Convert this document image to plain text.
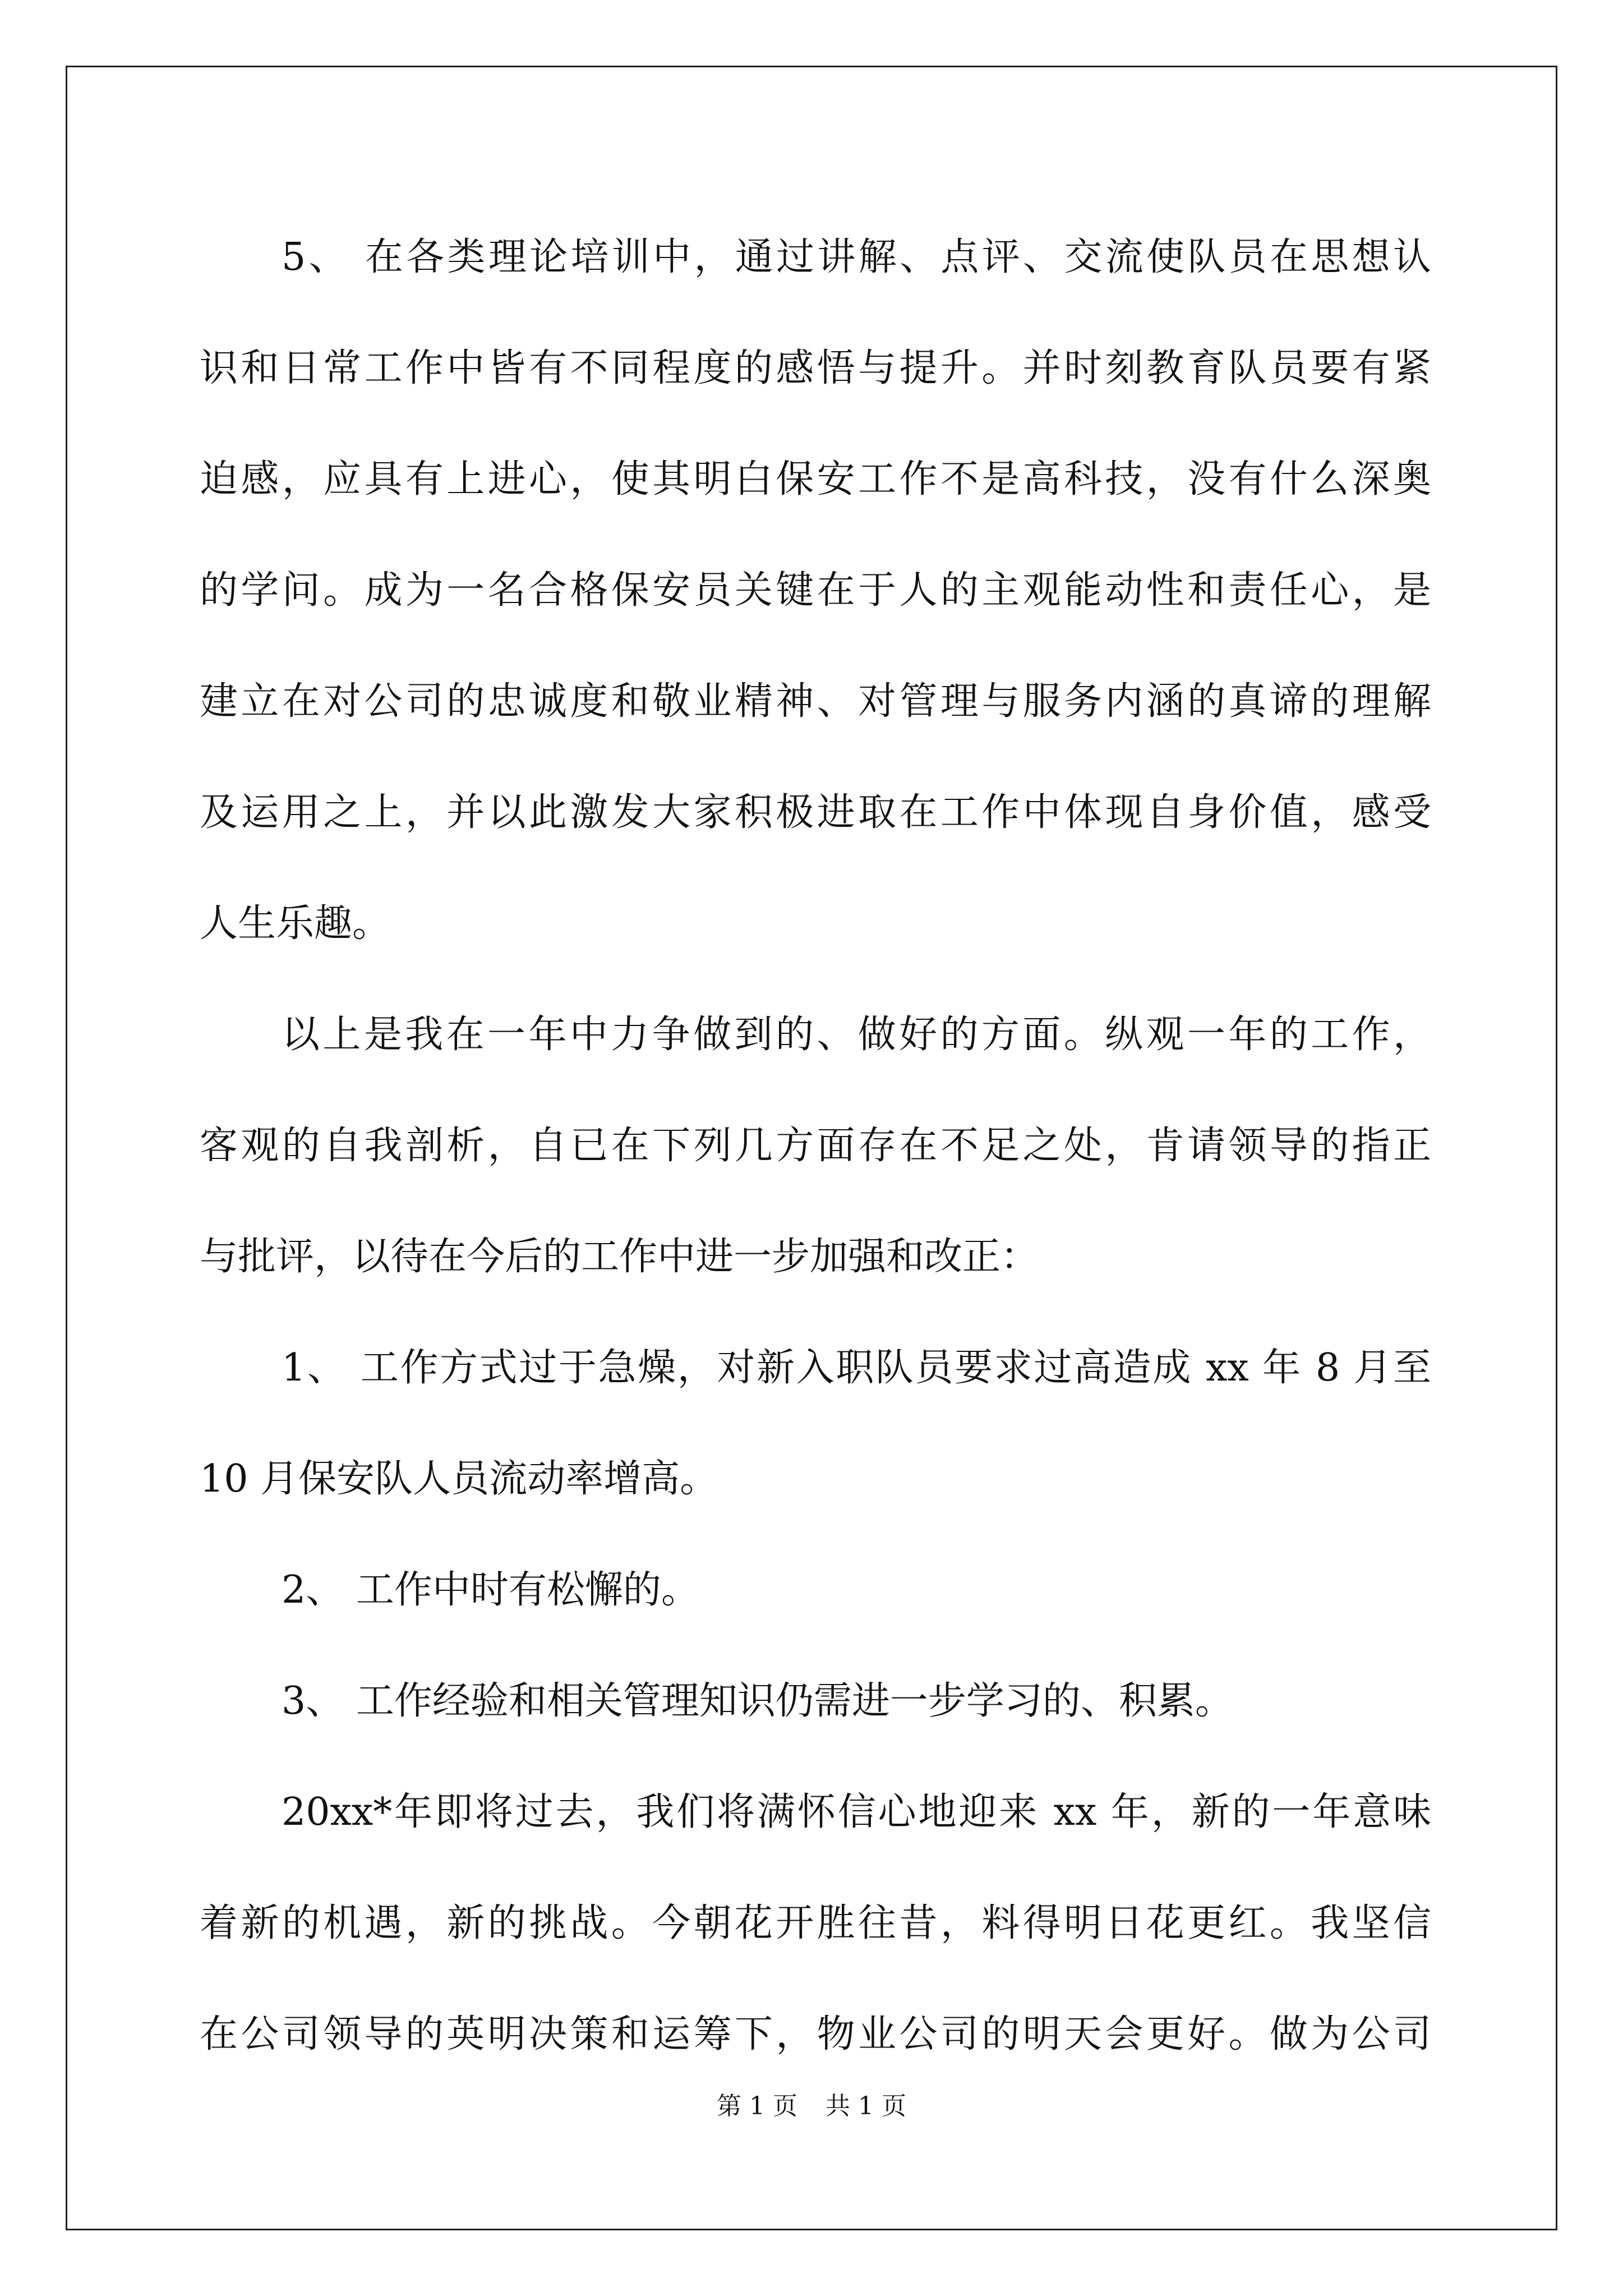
5、 在各类理论培训中，通过讲解、点评、交流使队员在思想认
识和日常工作中皆有不同程度的感悟与提升。并时刻教育队员要有紧
迫感，应具有上进心，使其明白保安工作不是高科技，没有什么深奥
的学问。成为一名合格保安员关键在于人的主观能动性和责任心，是
建立在对公司的忠诚度和敬业精神、对管理与服务内涵的真谛的理解
及运用之上，并以此激发大家积极进取在工作中体现自身价值，感受
人生乐趣。
以上是我在一年中力争做到的、做好的方面。纵观一年的工作，
客观的自我剖析，自已在下列几方面存在不足之处，肯请领导的指正
与批评，以待在今后的工作中进一步加强和改正：
1、 工作方式过于急燥，对新入职队员要求过高造成 xx 年 8 月至
10 月保安队人员流动率增高。
2、 工作中时有松懈的。
3、 工作经验和相关管理知识仍需进一步学习的、积累。
20xx*年即将过去，我们将满怀信心地迎来 xx 年，新的一年意味
着新的机遇，新的挑战。今朝花开胜往昔，料得明日花更红。我坚信
在公司领导的英明决策和运筹下，物业公司的明天会更好。做为公司
第 1 页 共 1 页
